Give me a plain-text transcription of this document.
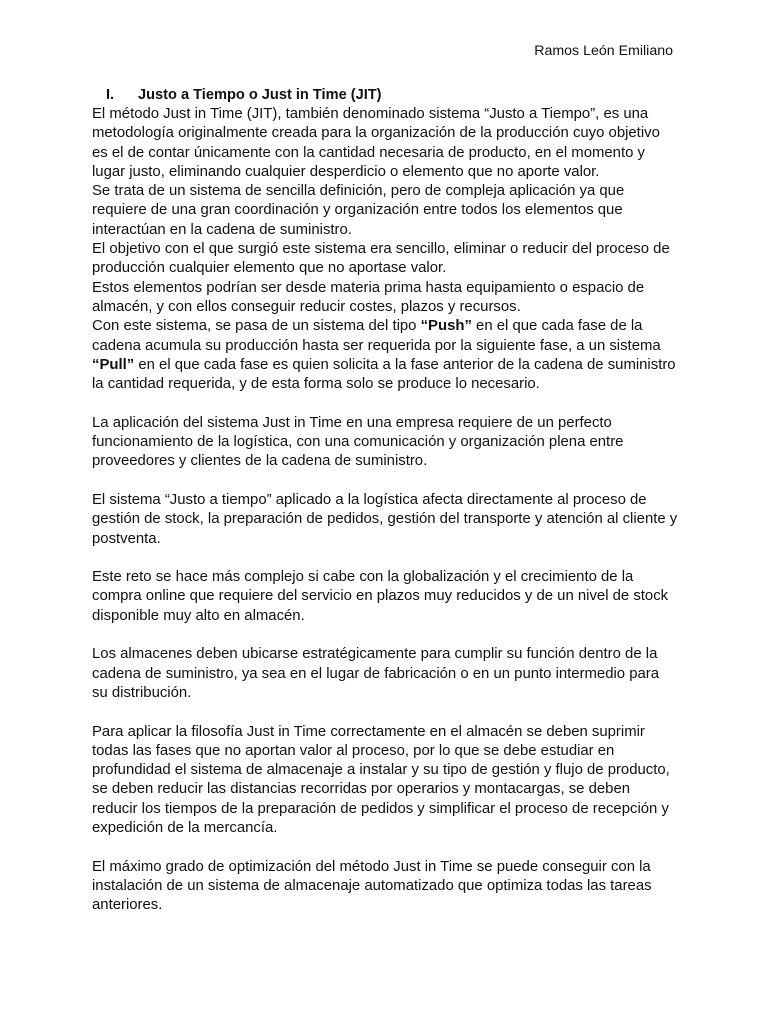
Ramos León Emiliano
I. Justo a Tiempo o Just in Time (JIT)

El método Just in Time (JIT), también denominado sistema “Justo a Tiempo”, es una metodología originalmente creada para la organización de la producción cuyo objetivo es el de contar únicamente con la cantidad necesaria de producto, en el momento y lugar justo, eliminando cualquier desperdicio o elemento que no aporte valor.

Se trata de un sistema de sencilla definición, pero de compleja aplicación ya que requiere de una gran coordinación y organización entre todos los elementos que interactúan en la cadena de suministro.

El objetivo con el que surgió este sistema era sencillo, eliminar o reducir del proceso de producción cualquier elemento que no aportase valor.

Estos elementos podrían ser desde materia prima hasta equipamiento o espacio de almacén, y con ellos conseguir reducir costes, plazos y recursos.

Con este sistema, se pasa de un sistema del tipo “Push” en el que cada fase de la cadena acumula su producción hasta ser requerida por la siguiente fase, a un sistema “Pull” en el que cada fase es quien solicita a la fase anterior de la cadena de suministro la cantidad requerida, y de esta forma solo se produce lo necesario.

La aplicación del sistema Just in Time en una empresa requiere de un perfecto funcionamiento de la logística, con una comunicación y organización plena entre proveedores y clientes de la cadena de suministro.

El sistema “Justo a tiempo” aplicado a la logística afecta directamente al proceso de gestión de stock, la preparación de pedidos, gestión del transporte y atención al cliente y postventa.

Este reto se hace más complejo si cabe con la globalización y el crecimiento de la compra online que requiere del servicio en plazos muy reducidos y de un nivel de stock disponible muy alto en almacén.

Los almacenes deben ubicarse estratégicamente para cumplir su función dentro de la cadena de suministro, ya sea en el lugar de fabricación o en un punto intermedio para su distribución.

Para aplicar la filosofía Just in Time correctamente en el almacén se deben suprimir todas las fases que no aportan valor al proceso, por lo que se debe estudiar en profundidad el sistema de almacenaje a instalar y su tipo de gestión y flujo de producto, se deben reducir las distancias recorridas por operarios y montacargas, se deben reducir los tiempos de la preparación de pedidos y simplificar el proceso de recepción y expedición de la mercancía.

El máximo grado de optimización del método Just in Time se puede conseguir con la instalación de un sistema de almacenaje automatizado que optimiza todas las tareas anteriores.
